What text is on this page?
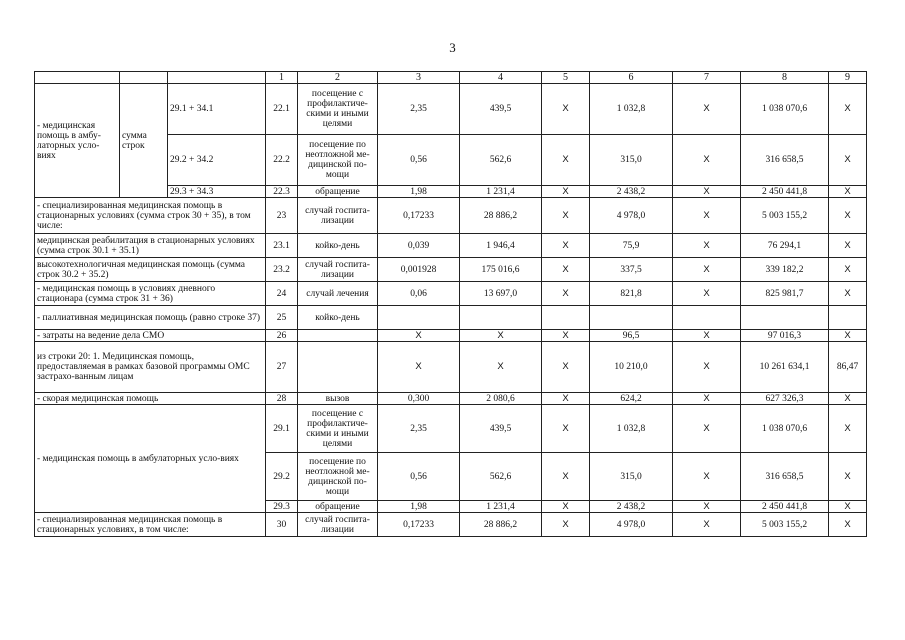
3
			1	2	3	4	5	6	7	8	9
- медицинская помощь в амбу-латорных усло-виях	сумма строк	29.1 + 34.1	22.1	посещение с профилактиче-скими и иными целями	2,35	439,5	X	1 032,8	X	1 038 070,6	X
		29.2 + 34.2	22.2	посещение по неотложной ме-дицинской по-мощи	0,56	562,6	X	315,0	X	316 658,5	X
		29.3 + 34.3	22.3	обращение	1,98	1 231,4	X	2 438,2	X	2 450 441,8	X
- специализированная медицинская помощь в стационарных условиях (сумма строк 30 + 35), в том числе:			23	случай госпита-лизации	0,17233	28 886,2	X	4 978,0	X	5 003 155,2	X
медицинская реабилитация в стационарных условиях (сумма строк 30.1 + 35.1)			23.1	койко-день	0,039	1 946,4	X	75,9	X	76 294,1	X
высокотехнологичная медицинская помощь (сумма строк 30.2 + 35.2)			23.2	случай госпита-лизации	0,001928	175 016,6	X	337,5	X	339 182,2	X
- медицинская помощь в условиях дневного стационара (сумма строк 31 + 36)			24	случай лечения	0,06	13 697,0	X	821,8	X	825 981,7	X
- паллиативная медицинская помощь (равно строке 37)			25	койко-день							
- затраты на ведение дела СМО			26		X	X	X	96,5	X	97 016,3	X
из строки 20: 1. Медицинская помощь, предоставляемая в рамках базовой программы ОМС застрахо-ванным лицам			27		X	X	X	10 210,0	X	10 261 634,1	86,47
- скорая медицинская помощь			28	вызов	0,300	2 080,6	X	624,2	X	627 326,3	X
- медицинская помощь в амбулаторных усло-виях			29.1	посещение с профилактиче-скими и иными целями	2,35	439,5	X	1 032,8	X	1 038 070,6	X
			29.2	посещение по неотложной ме-дицинской по-мощи	0,56	562,6	X	315,0	X	316 658,5	X
			29.3	обращение	1,98	1 231,4	X	2 438,2	X	2 450 441,8	X
- специализированная медицинская помощь в стационарных условиях, в том числе:			30	случай госпита-лизации	0,17233	28 886,2	X	4 978,0	X	5 003 155,2	X
